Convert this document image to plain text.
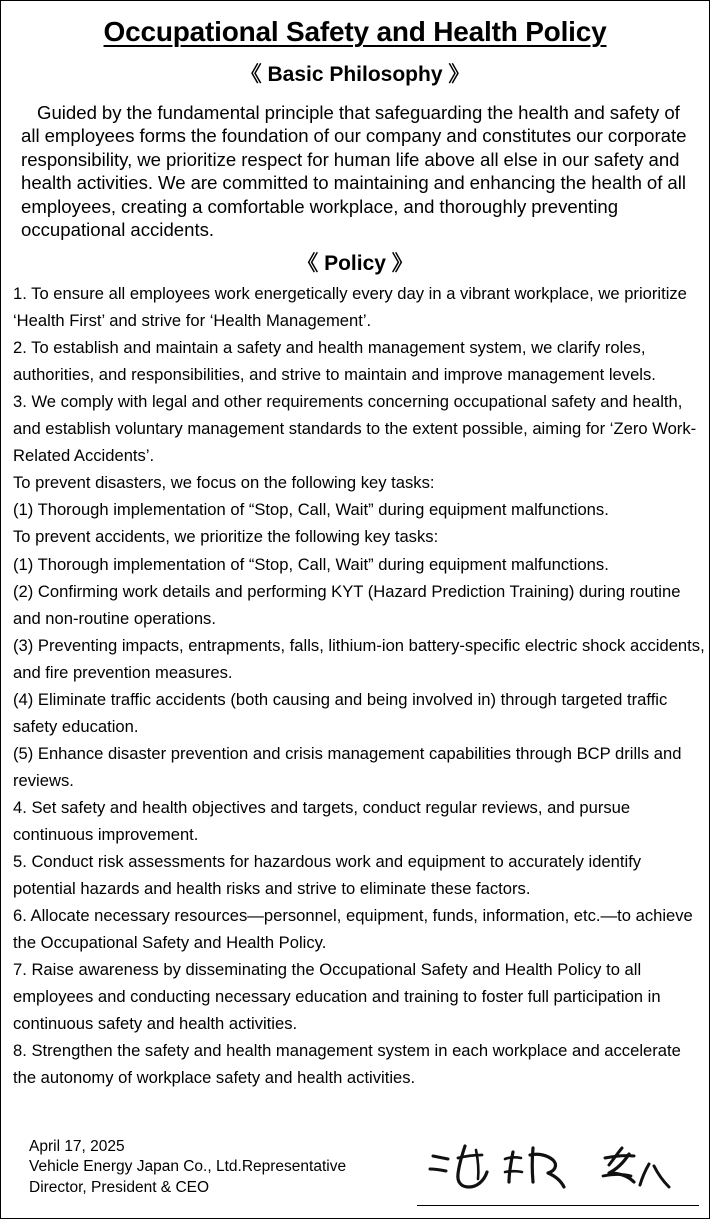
Occupational Safety and Health Policy
《 Basic Philosophy 》

Guided by the fundamental principle that safeguarding the health and safety of all employees forms the foundation of our company and constitutes our corporate responsibility, we prioritize respect for human life above all else in our safety and health activities. We are committed to maintaining and enhancing the health of all employees, creating a comfortable workplace, and thoroughly preventing occupational accidents.

《 Policy 》
1. To ensure all employees work energetically every day in a vibrant workplace, we prioritize ‘Health First’ and strive for ‘Health Management’.
2. To establish and maintain a safety and health management system, we clarify roles, authorities, and responsibilities, and strive to maintain and improve management levels.
3. We comply with legal and other requirements concerning occupational safety and health, and establish voluntary management standards to the extent possible, aiming for ‘Zero Work-Related Accidents’.
To prevent disasters, we focus on the following key tasks:
(1) Thorough implementation of “Stop, Call, Wait” during equipment malfunctions.
To prevent accidents, we prioritize the following key tasks:
(1) Thorough implementation of “Stop, Call, Wait” during equipment malfunctions.
(2) Confirming work details and performing KYT (Hazard Prediction Training) during routine and non-routine operations.
(3) Preventing impacts, entrapments, falls, lithium-ion battery-specific electric shock accidents, and fire prevention measures.
(4) Eliminate traffic accidents (both causing and being involved in) through targeted traffic safety education.
(5) Enhance disaster prevention and crisis management capabilities through BCP drills and reviews.
4. Set safety and health objectives and targets, conduct regular reviews, and pursue continuous improvement.
5. Conduct risk assessments for hazardous work and equipment to accurately identify potential hazards and health risks and strive to eliminate these factors.
6. Allocate necessary resources—personnel, equipment, funds, information, etc.—to achieve the Occupational Safety and Health Policy.
7. Raise awareness by disseminating the Occupational Safety and Health Policy to all employees and conducting necessary education and training to foster full participation in continuous safety and health activities.
8. Strengthen the safety and health management system in each workplace and accelerate the autonomy of workplace safety and health activities.
April 17, 2025
Vehicle Energy Japan Co., Ltd.Representative
Director, President & CEO
